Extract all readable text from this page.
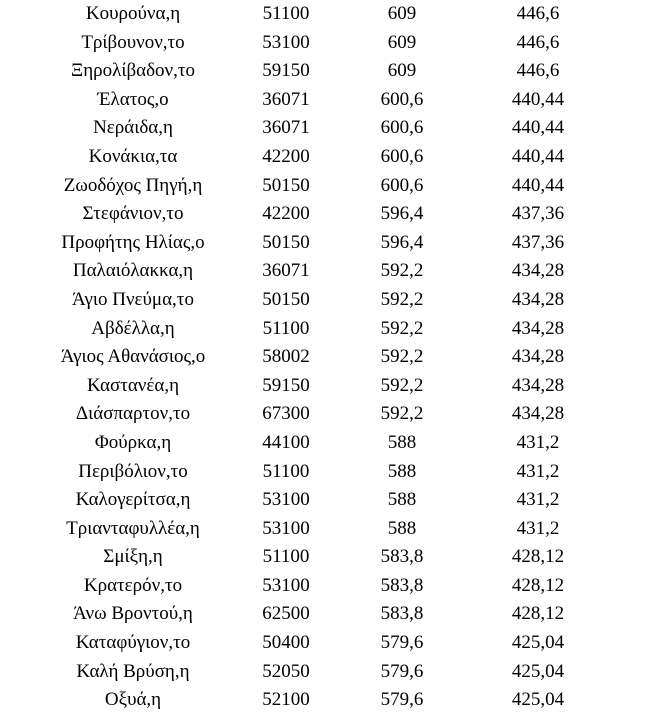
Κουρούνα,η	51100	609	446,6
Τρίβουνον,το	53100	609	446,6
Ξηρολίβαδον,το	59150	609	446,6
Έλατος,ο	36071	600,6	440,44
Νεράιδα,η	36071	600,6	440,44
Κονάκια,τα	42200	600,6	440,44
Ζωοδόχος Πηγή,η	50150	600,6	440,44
Στεφάνιον,το	42200	596,4	437,36
Προφήτης Ηλίας,ο	50150	596,4	437,36
Παλαιόλακκα,η	36071	592,2	434,28
Άγιο Πνεύμα,το	50150	592,2	434,28
Αβδέλλα,η	51100	592,2	434,28
Άγιος Αθανάσιος,ο	58002	592,2	434,28
Καστανέα,η	59150	592,2	434,28
Διάσπαρτον,το	67300	592,2	434,28
Φούρκα,η	44100	588	431,2
Περιβόλιον,το	51100	588	431,2
Καλογερίτσα,η	53100	588	431,2
Τριανταφυλλέα,η	53100	588	431,2
Σμίξη,η	51100	583,8	428,12
Κρατερόν,το	53100	583,8	428,12
Άνω Βροντού,η	62500	583,8	428,12
Καταφύγιον,το	50400	579,6	425,04
Καλή Βρύση,η	52050	579,6	425,04
Οξυά,η	52100	579,6	425,04
